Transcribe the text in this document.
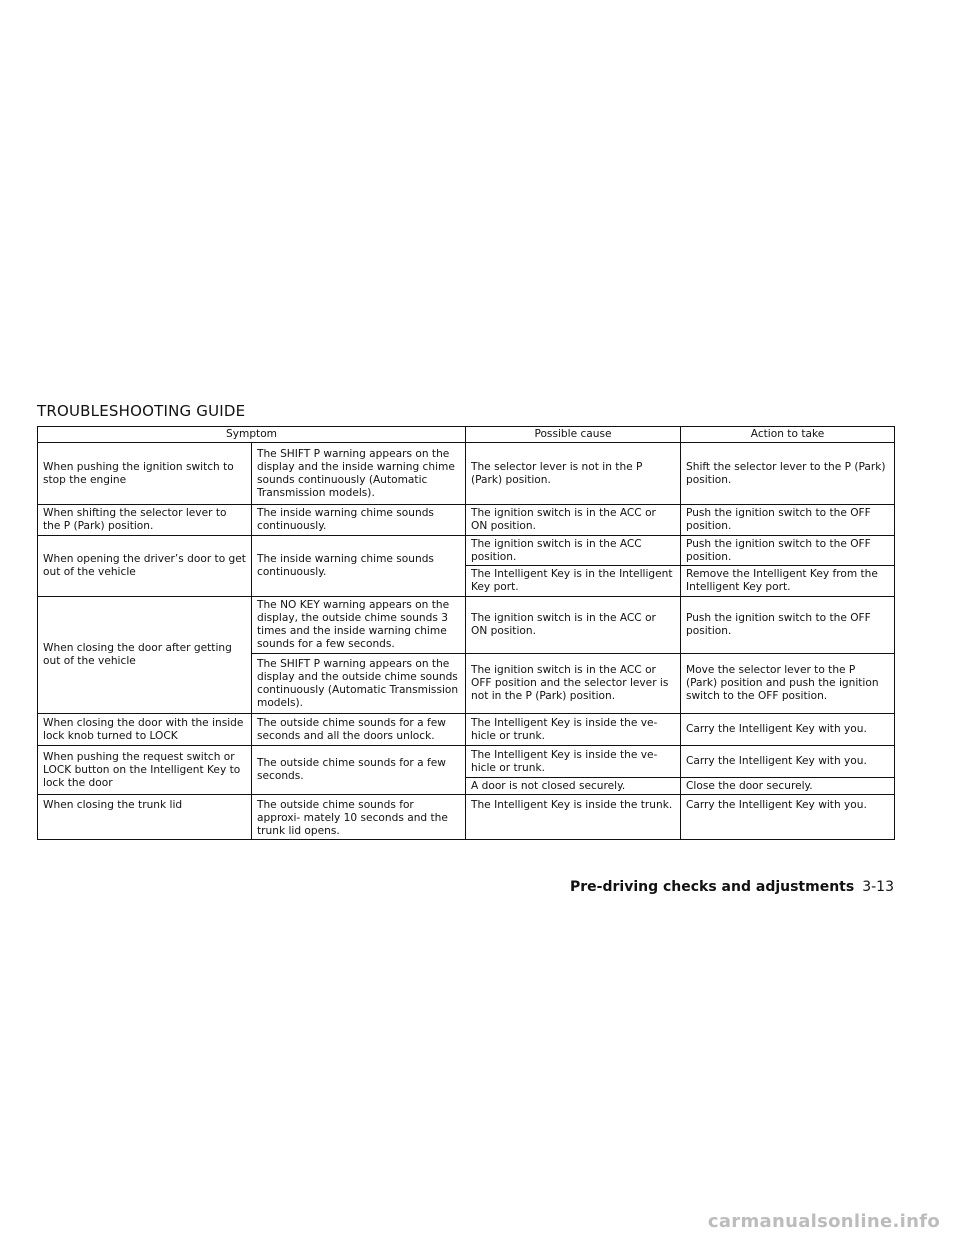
TROUBLESHOOTING GUIDE
Symptom		Possible cause	Action to take
When pushing the ignition switch to stop the engine	The SHIFT P warning appears on the display and the inside warning chime sounds continuously (Automatic Transmission models).	The selector lever is not in the P (Park) position.	Shift the selector lever to the P (Park) position.
When shifting the selector lever to the P (Park) position.	The inside warning chime sounds continuously.	The ignition switch is in the ACC or ON position.	Push the ignition switch to the OFF position.
When opening the driver’s door to get out of the vehicle	The inside warning chime sounds continuously.	The ignition switch is in the ACC position.	Push the ignition switch to the OFF position.
		The Intelligent Key is in the Intelligent Key port.	Remove the Intelligent Key from the Intelligent Key port.
When closing the door after getting out of the vehicle	The NO KEY warning appears on the display, the outside chime sounds 3 times and the inside warning chime sounds for a few seconds.	The ignition switch is in the ACC or ON position.	Push the ignition switch to the OFF position.
	The SHIFT P warning appears on the display and the outside chime sounds continuously (Automatic Transmission models).	The ignition switch is in the ACC or OFF position and the selector lever is not in the P (Park) position.	Move the selector lever to the P (Park) position and push the ignition switch to the OFF position.
When closing the door with the inside lock knob turned to LOCK	The outside chime sounds for a few seconds and all the doors unlock.	The Intelligent Key is inside the ve- hicle or trunk.	Carry the Intelligent Key with you.
When pushing the request switch or LOCK button on the Intelligent Key to lock the door	The outside chime sounds for a few seconds.	The Intelligent Key is inside the ve- hicle or trunk.	Carry the Intelligent Key with you.
		A door is not closed securely.	Close the door securely.
When closing the trunk lid	The outside chime sounds for approxi- mately 10 seconds and the trunk lid opens.	The Intelligent Key is inside the trunk.	Carry the Intelligent Key with you.
Pre-driving checks and adjustments 3-13
carmanualsonline.info
